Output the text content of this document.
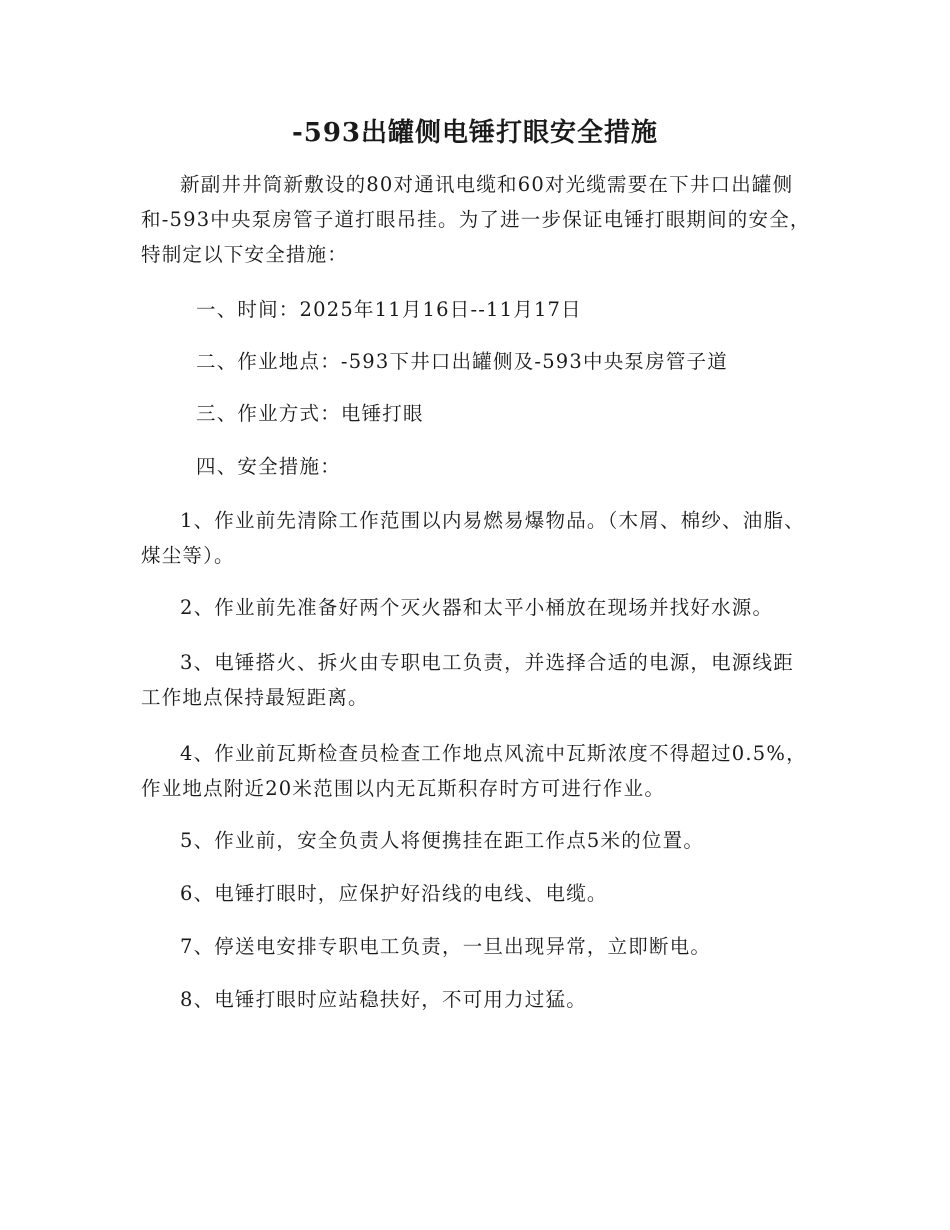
-593出罐侧电锤打眼安全措施

新副井井筒新敷设的80对通讯电缆和60对光缆需要在下井口出罐侧和-593中央泵房管子道打眼吊挂。为了进一步保证电锤打眼期间的安全，特制定以下安全措施：

一、时间：2025年11月16日--11月17日

二、作业地点：-593下井口出罐侧及-593中央泵房管子道

三、作业方式：电锤打眼

四、安全措施：

1、作业前先清除工作范围以内易燃易爆物品。（木屑、棉纱、油脂、煤尘等）。

2、作业前先准备好两个灭火器和太平小桶放在现场并找好水源。

3、电锤搭火、拆火由专职电工负责，并选择合适的电源，电源线距工作地点保持最短距离。

4、作业前瓦斯检查员检查工作地点风流中瓦斯浓度不得超过0.5%，作业地点附近20米范围以内无瓦斯积存时方可进行作业。

5、作业前，安全负责人将便携挂在距工作点5米的位置。

6、电锤打眼时，应保护好沿线的电线、电缆。

7、停送电安排专职电工负责，一旦出现异常，立即断电。

8、电锤打眼时应站稳扶好，不可用力过猛。
